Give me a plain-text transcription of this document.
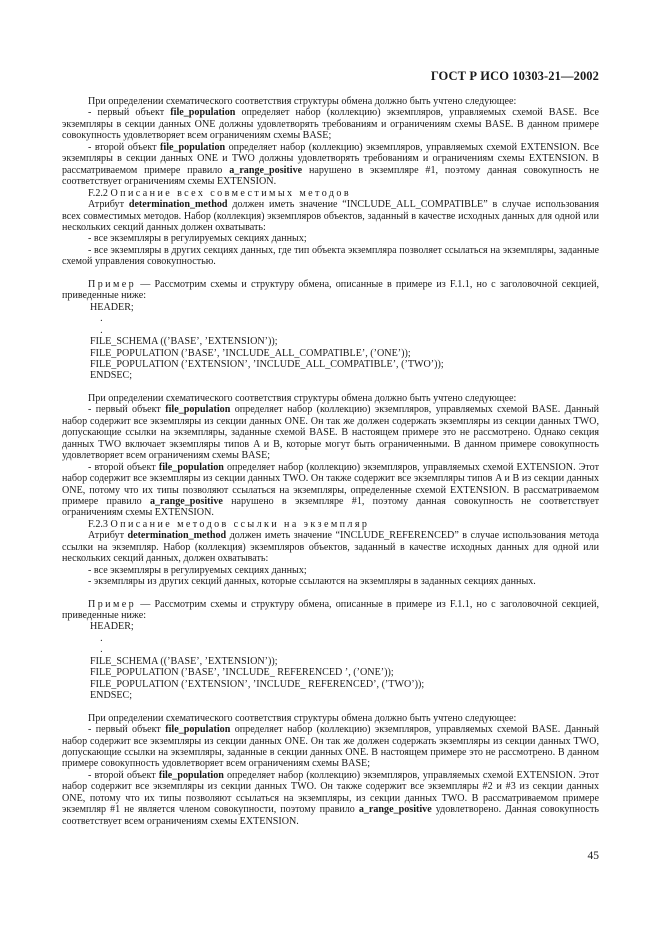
ГОСТ Р ИСО 10303-21—2002

При определении схематического соответствия структуры обмена должно быть учтено следующее:

- первый объект file_population определяет набор (коллекцию) экземпляров, управляемых схемой BASE. Все экземпляры в секции данных ONE должны удовлетворять требованиям и ограничениям схемы BASE. В данном примере совокупность удовлетворяет всем ограничениям схемы BASE;

- второй объект file_population определяет набор (коллекцию) экземпляров, управляемых схемой EXTENSION. Все экземпляры в секции данных ONE и TWO должны удовлетворять требованиям и ограничениям схемы EXTENSION. В рассматриваемом примере правило a_range_positive нарушено в экземпляре #1, поэтому данная совокупность не соответствует ограничениям схемы EXTENSION.

F.2.2 Описание всех совместимых методов

Атрибут determination_method должен иметь значение “INCLUDE_ALL_COMPATIBLE” в случае использования всех совместимых методов. Набор (коллекция) экземпляров объектов, заданный в качестве исходных данных для одной или нескольких секций данных должен охватывать:

- все экземпляры в регулируемых секциях данных;

- все экземпляры в других секциях данных, где тип объекта экземпляра позволяет ссылаться на экземпляры, заданные схемой управления совокупностью.

Пример — Рассмотрим схемы и структуру обмена, описанные в примере из F.1.1, но с заголовочной секцией, приведенные ниже:

HEADER;
.
.
FILE_SCHEMA ((’BASE’, ’EXTENSION’));
FILE_POPULATION (’BASE’, ’INCLUDE_ALL_COMPATIBLE’, (’ONE’));
FILE_POPULATION (’EXTENSION’, ’INCLUDE_ALL_COMPATIBLE’, (’TWO’));
ENDSEC;

При определении схематического соответствия структуры обмена должно быть учтено следующее:

- первый объект file_population определяет набор (коллекцию) экземпляров, управляемых схемой BASE. Данный набор содержит все экземпляры из секции данных ONE. Он так же должен содержать экземпляры из секции данных TWO, допускающие ссылки на экземпляры, заданные схемой BASE. В настоящем примере это не рассмотрено. Однако секция данных TWO включает экземпляры типов A и B, которые могут быть ограниченными. В данном примере совокупность удовлетворяет всем ограничениям схемы BASE;

- второй объект file_population определяет набор (коллекцию) экземпляров, управляемых схемой EXTENSION. Этот набор содержит все экземпляры из секции данных TWO. Он также содержит все экземпляры типов A и B из секции данных ONE, потому что их типы позволяют ссылаться на экземпляры, определенные схемой EXTENSION. В рассматриваемом примере правило a_range_positive нарушено в экземпляре #1, поэтому данная совокупность не соответствует ограничениям схемы EXTENSION.

F.2.3 Описание методов ссылки на экземпляр

Атрибут determination_method должен иметь значение “INCLUDE_REFERENCED” в случае использования метода ссылки на экземпляр. Набор (коллекция) экземпляров объектов, заданный в качестве исходных данных для одной или нескольких секций данных, должен охватывать:

- все экземпляры в регулируемых секциях данных;

- экземпляры из других секций данных, которые ссылаются на экземпляры в заданных секциях данных.

Пример — Рассмотрим схемы и структуру обмена, описанные в примере из F.1.1, но с заголовочной секцией, приведенные ниже:

HEADER;
.
.
FILE_SCHEMA ((’BASE’, ’EXTENSION’));
FILE_POPULATION (’BASE’, ’INCLUDE_ REFERENCED ’, (’ONE’));
FILE_POPULATION (’EXTENSION’, ’INCLUDE_ REFERENCED’, (’TWO’));
ENDSEC;

При определении схематического соответствия структуры обмена должно быть учтено следующее:

- первый объект file_population определяет набор (коллекцию) экземпляров, управляемых схемой BASE. Данный набор содержит все экземпляры из секции данных ONE. Он так же должен содержать экземпляры из секции данных TWO, допускающие ссылки на экземпляры, заданные в секции данных ONE. В настоящем примере это не рассмотрено. В данном примере совокупность удовлетворяет всем ограничениям схемы BASE;

- второй объект file_population определяет набор (коллекцию) экземпляров, управляемых схемой EXTENSION. Этот набор содержит все экземпляры из секции данных TWO. Он также содержит все экземпляры #2 и #3 из секции данных ONE, потому что их типы позволяют ссылаться на экземпляры, из секции данных TWO. В рассматриваемом примере экземпляр #1 не является членом совокупности, поэтому правило a_range_positive удовлетворено. Данная совокупность соответствует всем ограничениям схемы EXTENSION.

45
